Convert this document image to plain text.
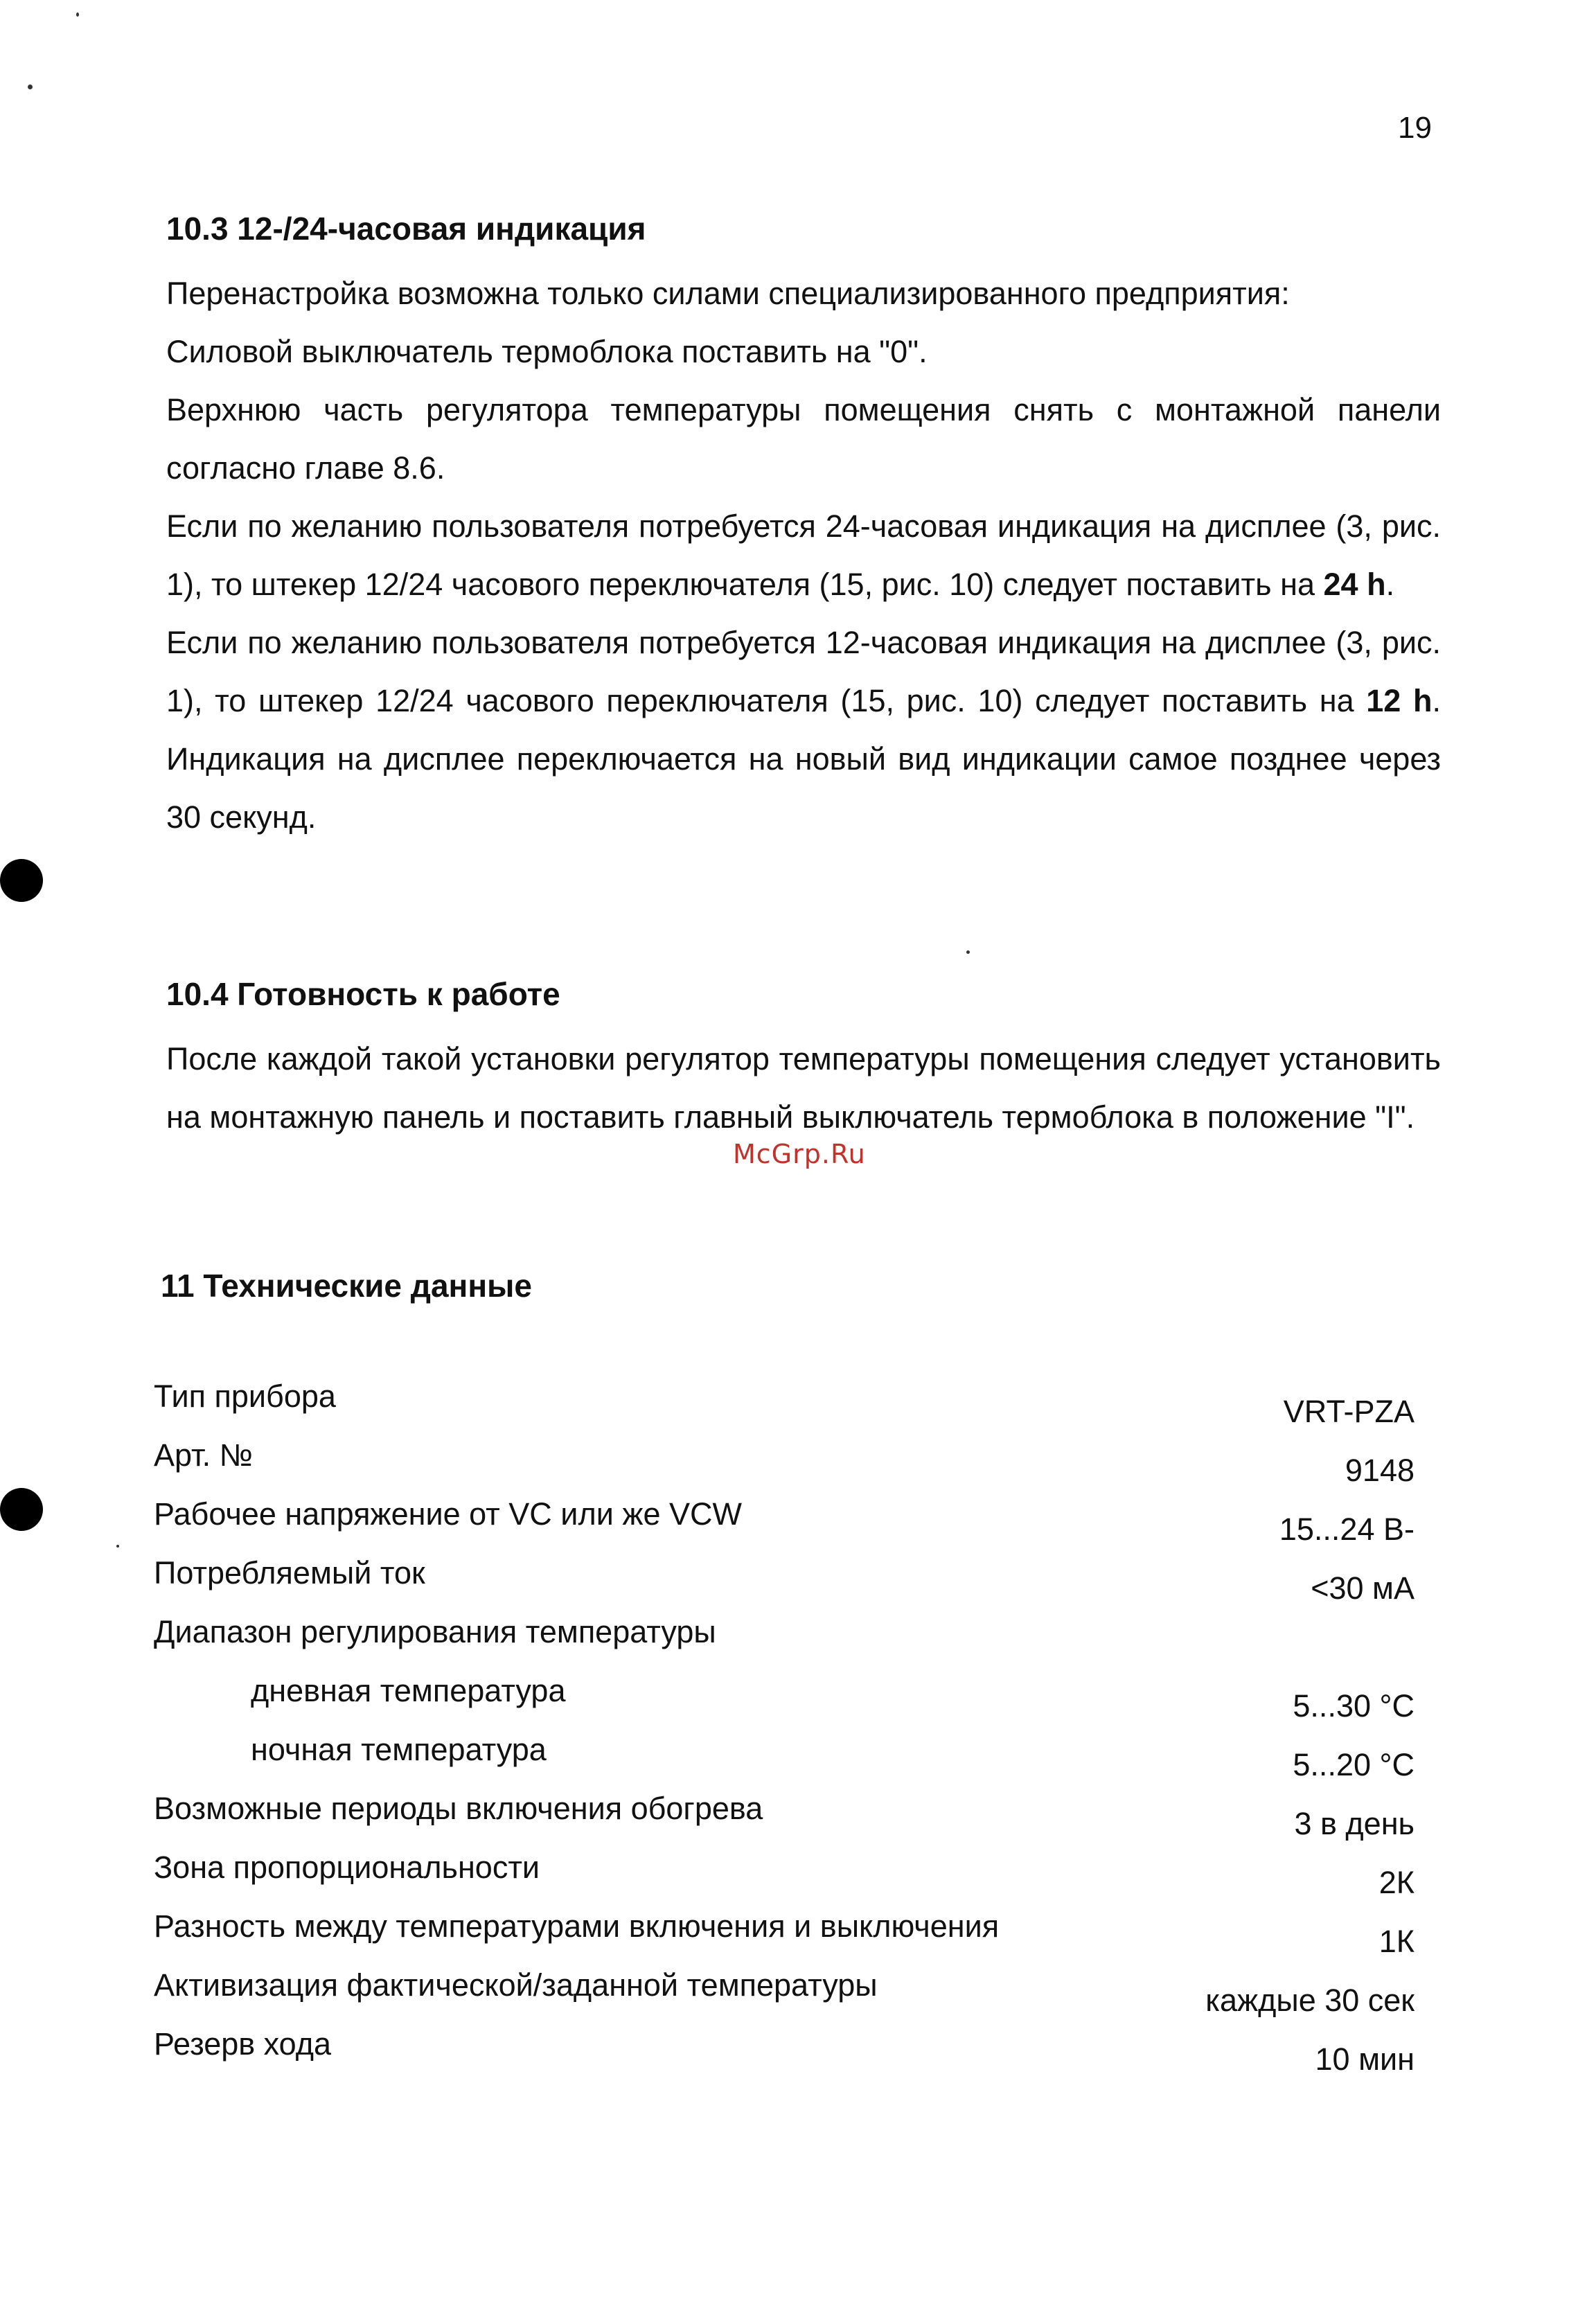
19
10.3 12-/24-часовая индикация

Перенастройка возможна только силами специализированного предприятия:

Силовой выключатель термоблока поставить на "0".

Верхнюю часть регулятора температуры помещения снять с монтажной панели согласно главе 8.6.

Если по желанию пользователя потребуется 24-часовая индикация на дисплее (3, рис. 1), то штекер 12/24 часового переключателя (15, рис. 10) следует поставить на 24 h.

Если по желанию пользователя потребуется 12-часовая индикация на дисплее (3, рис. 1), то штекер 12/24 часового переключателя (15, рис. 10) следует поставить на 12 h. Индикация на дисплее переключается на новый вид индикации самое позднее через 30 секунд.

10.4 Готовность к работе

После каждой такой установки регулятор температуры помещения следует установить на монтажную панель и поставить главный выключатель термоблока в положение "I".

McGrp.Ru
11 Технические данные
Тип прибора	VRT-PZA
Арт. №	9148
Рабочее напряжение от VC или же VCW	15...24 В-
Потребляемый ток	<30 мА
Диапазон регулирования температуры
дневная температура	5...30 °С
ночная температура	5...20 °С
Возможные периоды включения обогрева	3 в день
Зона пропорциональности	2К
Разность между температурами включения и выключения	1К
Активизация фактической/заданной температуры	каждые 30 сек
Резерв хода	10 мин
